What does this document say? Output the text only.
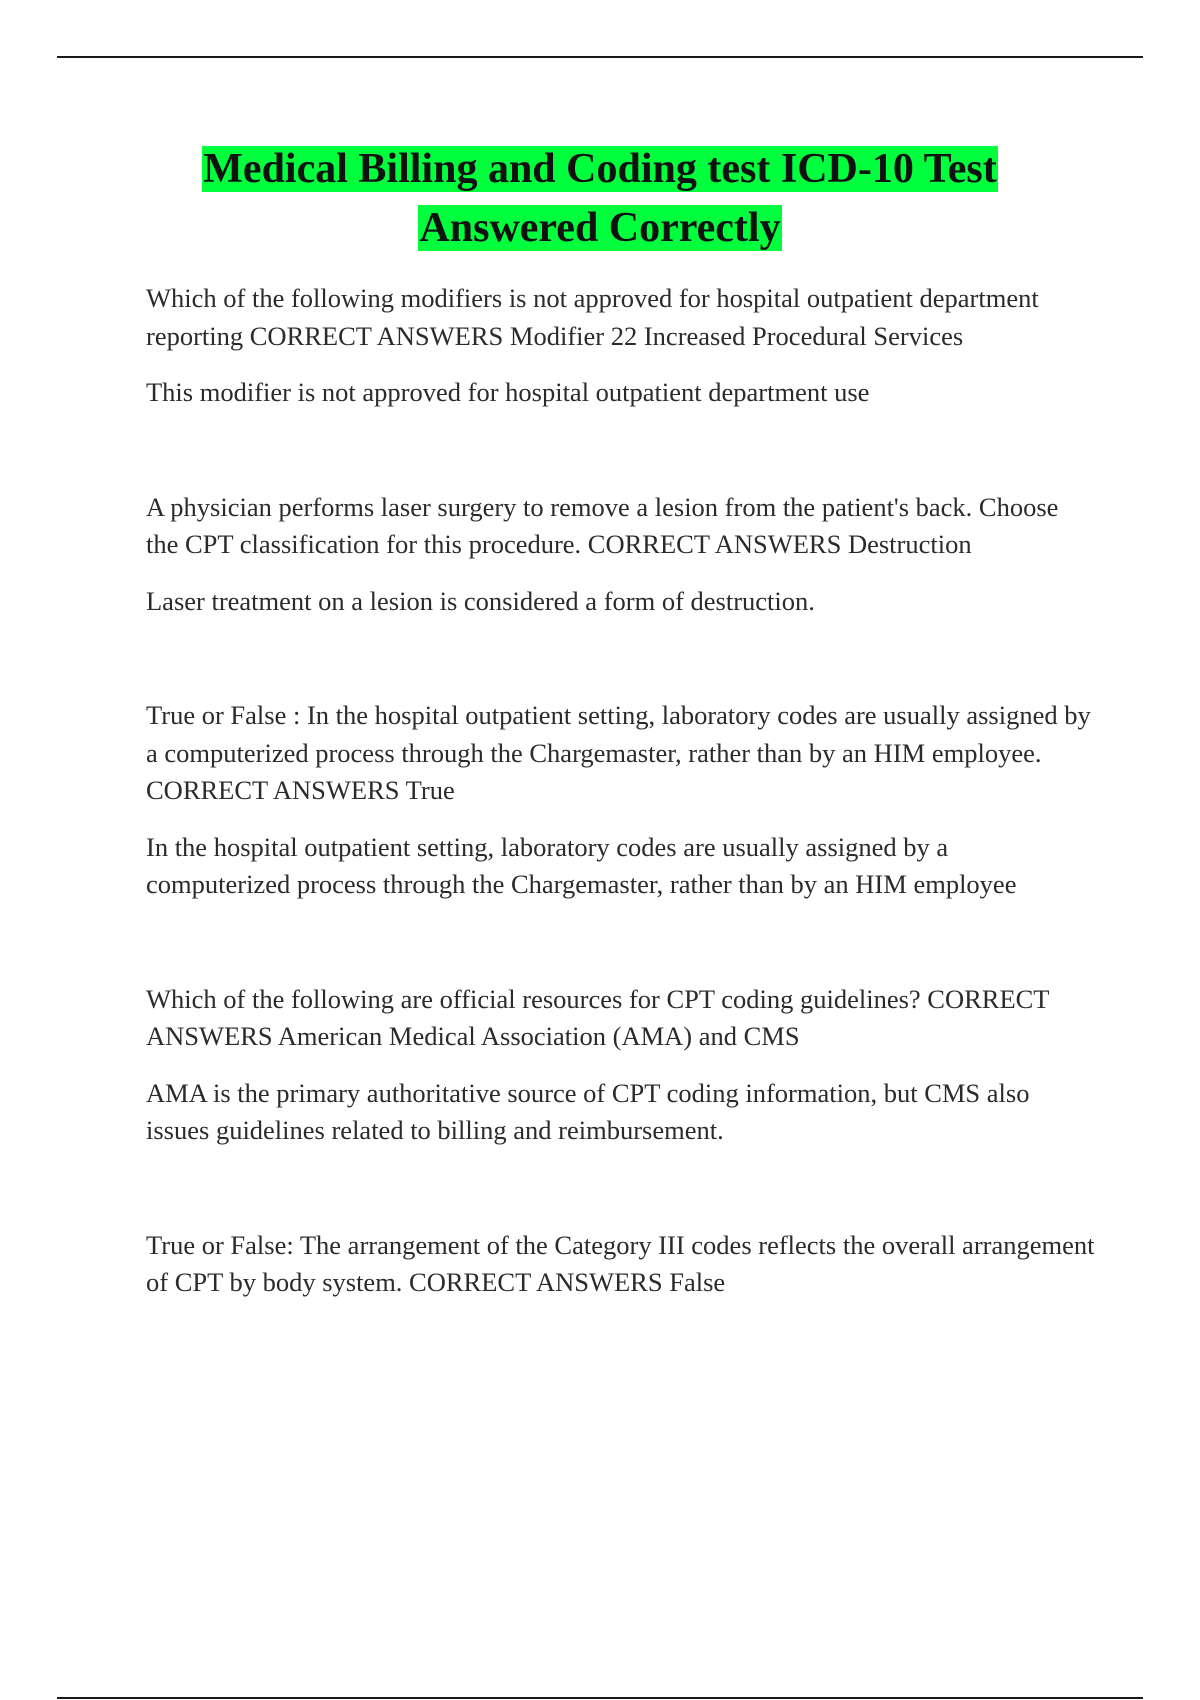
Medical Billing and Coding test ICD-10 Test
Answered Correctly

Which of the following modifiers is not approved for hospital outpatient department reporting CORRECT ANSWERS Modifier 22 Increased Procedural Services

This modifier is not approved for hospital outpatient department use

A physician performs laser surgery to remove a lesion from the patient's back. Choose the CPT classification for this procedure. CORRECT ANSWERS Destruction

Laser treatment on a lesion is considered a form of destruction.

True or False : In the hospital outpatient setting, laboratory codes are usually assigned by a computerized process through the Chargemaster, rather than by an HIM employee. CORRECT ANSWERS True

In the hospital outpatient setting, laboratory codes are usually assigned by a computerized process through the Chargemaster, rather than by an HIM employee

Which of the following are official resources for CPT coding guidelines? CORRECT ANSWERS American Medical Association (AMA) and CMS

AMA is the primary authoritative source of CPT coding information, but CMS also issues guidelines related to billing and reimbursement.

True or False: The arrangement of the Category III codes reflects the overall arrangement of CPT by body system. CORRECT ANSWERS False
